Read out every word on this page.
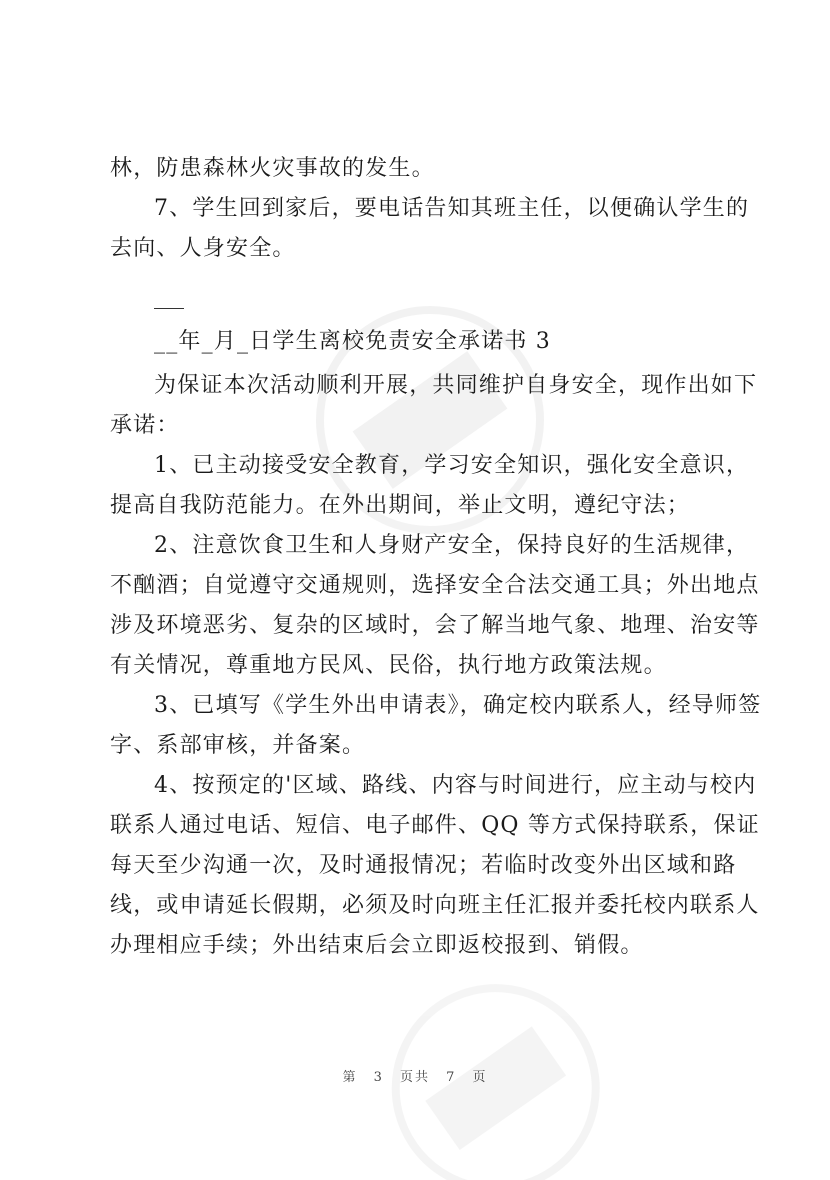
林，防患森林火灾事故的发生。
7、学生回到家后，要电话告知其班主任，以便确认学生的
去向、人身安全。
__年_月_日学生离校免责安全承诺书 3
为保证本次活动顺利开展，共同维护自身安全，现作出如下
承诺：
1、已主动接受安全教育，学习安全知识，强化安全意识，
提高自我防范能力。在外出期间，举止文明，遵纪守法；
2、注意饮食卫生和人身财产安全，保持良好的生活规律，
不酗酒；自觉遵守交通规则，选择安全合法交通工具；外出地点
涉及环境恶劣、复杂的区域时，会了解当地气象、地理、治安等
有关情况，尊重地方民风、民俗，执行地方政策法规。
3、已填写《学生外出申请表》，确定校内联系人，经导师签
字、系部审核，并备案。
4、按预定的'区域、路线、内容与时间进行，应主动与校内
联系人通过电话、短信、电子邮件、QQ 等方式保持联系，保证
每天至少沟通一次，及时通报情况；若临时改变外出区域和路
线，或申请延长假期，必须及时向班主任汇报并委托校内联系人
办理相应手续；外出结束后会立即返校报到、销假。
第 3 页共 7 页
